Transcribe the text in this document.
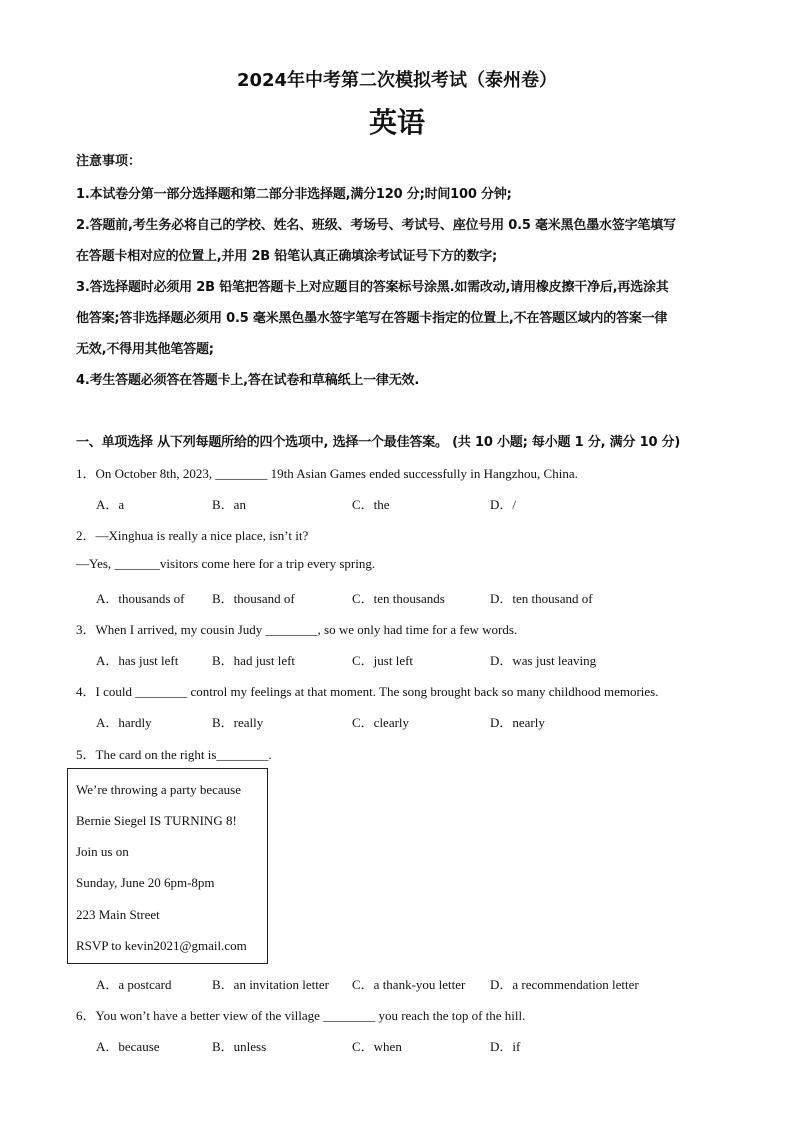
2024年中考第二次模拟考试（泰州卷）
英语
注意事项：
1.本试卷分第一部分选择题和第二部分非选择题,满分120 分;时间100 分钟;
2.答题前,考生务必将自己的学校、姓名、班级、考场号、考试号、座位号用 0.5 毫米黑色墨水签字笔填写
在答题卡相对应的位置上,并用 2B 铅笔认真正确填涂考试证号下方的数字;
3.答选择题时必须用 2B 铅笔把答题卡上对应题目的答案标号涂黑.如需改动,请用橡皮擦干净后,再选涂其
他答案;答非选择题必须用 0.5 毫米黑色墨水签字笔写在答题卡指定的位置上,不在答题区域内的答案一律
无效,不得用其他笔答题;
4.考生答题必须答在答题卡上,答在试卷和草稿纸上一律无效.
一、单项选择 从下列每题所给的四个选项中, 选择一个最佳答案。 (共 10 小题; 每小题 1 分, 满分 10 分)
1．On October 8th, 2023, ________ 19th Asian Games ended successfully in Hangzhou, China.
A．a	B．an	C．the	D．/
2．—Xinghua is really a nice place, isn’t it?
—Yes, _______visitors come here for a trip every spring.
A．thousands of B．thousand of	C．ten thousands	D．ten thousand of
3．When I arrived, my cousin Judy ________, so we only had time for a few words.
A．has just left	B．had just left	C．just left	D．was just leaving
4．I could ________ control my feelings at that moment. The song brought back so many childhood memories.
A．hardly	B．really	C．clearly	D．nearly
5．The card on the right is________.
We’re throwing a party because
Bernie Siegel IS TURNING 8!
Join us on
Sunday, June 20 6pm-8pm
223 Main Street
RSVP to kevin2021@gmail.com
A．a postcard	B．an invitation letter C．a thank-you letter D．a recommendation letter
6．You won’t have a better view of the village ________ you reach the top of the hill.
A．because	B．unless	C．when	D．if
